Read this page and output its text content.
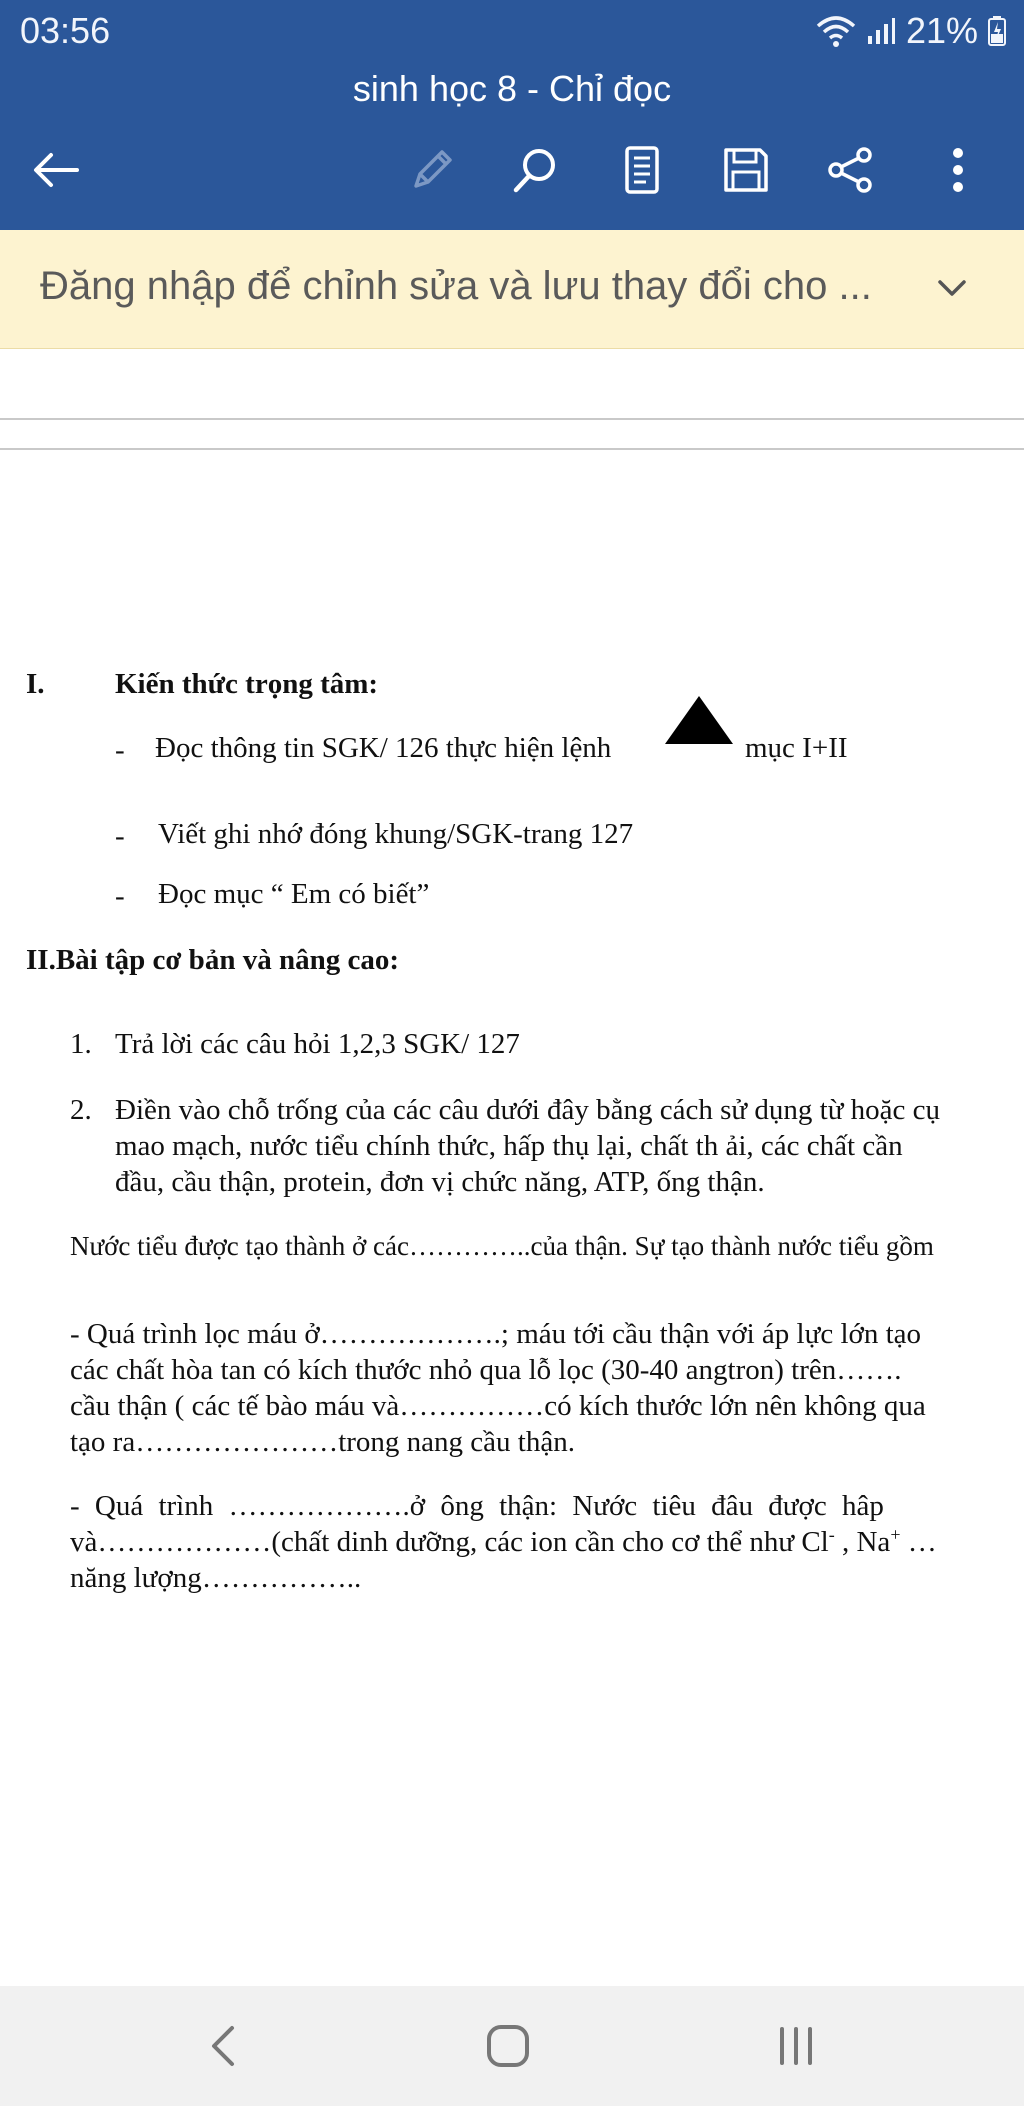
03:56	21%
sinh học 8 - Chỉ đọc
Đăng nhập để chỉnh sửa và lưu thay đổi cho ...
I. Kiến thức trọng tâm:
- Đọc thông tin SGK/ 126 thực hiện lệnh	mục I+II
- Viết ghi nhớ đóng khung/SGK-trang 127
- Đọc mục “ Em có biết”
II.Bài tập cơ bản và nâng cao:
1. Trả lời các câu hỏi 1,2,3 SGK/ 127
2. Điền vào chỗ trống của các câu dưới đây bằng cách sử dụng từ hoặc cụ
mao mạch, nước tiểu chính thức, hấp thụ lại, chất th ải, các chất cần
đầu, cầu thận, protein, đơn vị chức năng, ATP, ống thận.
Nước tiểu được tạo thành ở các…………..của thận. Sự tạo thành nước tiểu gồm
- Quá trình lọc máu ở……………….; máu tới cầu thận với áp lực lớn tạo
các chất hòa tan có kích thước nhỏ qua lỗ lọc (30-40 angtron) trên…….
cầu thận ( các tế bào máu và……………có kích thước lớn nên không qua
tạo ra…………………trong nang cầu thận.
- Quá trình ……………….ở ông thận: Nước tiêu đâu được hâp
và………………(chất dinh dưỡng, các ion cần cho cơ thể như Cl- , Na+ …
năng lượng……………..
